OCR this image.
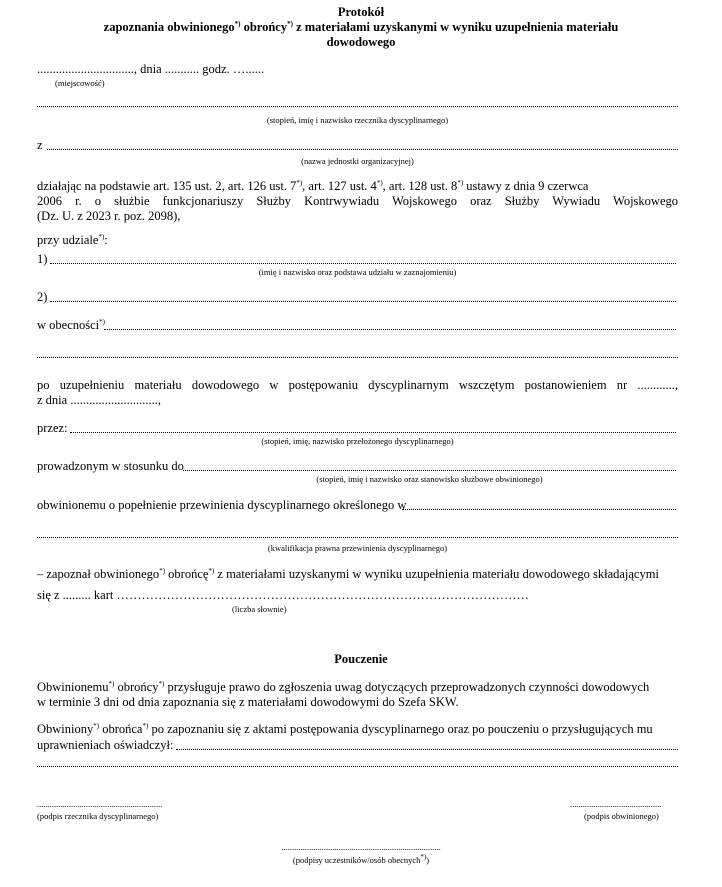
Protokół
zapoznania obwinionego*) obrońcy*) z materiałami uzyskanymi w wyniku uzupełnienia materiału
dowodowego
..............................., dnia ........... godz. …......
(miejscowość)
(stopień, imię i nazwisko rzecznika dyscyplinarnego)
z
(nazwa jednostki organizacyjnej)
działając na podstawie art. 135 ust. 2, art. 126 ust. 7*), art. 127 ust. 4*), art. 128 ust. 8*) ustawy z dnia 9 czerwca
2006 r. o służbie funkcjonariuszy Służby Kontrwywiadu Wojskowego oraz Służby Wywiadu Wojskowego
(Dz. U. z 2023 r. poz. 2098),
przy udziale*):
1)
(imię i nazwisko oraz podstawa udziału w zaznajomieniu)
2)
w obecności*)
po uzupełnieniu materiału dowodowego w postępowaniu dyscyplinarnym wszczętym postanowieniem nr ............,
z dnia ............................,
przez:
(stopień, imię, nazwisko przełożonego dyscyplinarnego)
prowadzonym w stosunku do
(stopień, imię i nazwisko oraz stanowisko służbowe obwinionego)
obwinionemu o popełnienie przewinienia dyscyplinarnego określonego w
(kwalifikacja prawna przewinienia dyscyplinarnego)
– zapoznał obwinionego*) obrońcę*) z materiałami uzyskanymi w wyniku uzupełnienia materiału dowodowego składającymi
się z ......... kart ………………………………………………………………………………………
(liczba słownie)
Pouczenie
Obwinionemu*) obrońcy*) przysługuje prawo do zgłoszenia uwag dotyczących przeprowadzonych czynności dowodowych
w terminie 3 dni od dnia zapoznania się z materiałami dowodowymi do Szefa SKW.
Obwiniony*) obrońca*) po zapoznaniu się z aktami postępowania dyscyplinarnego oraz po pouczeniu o przysługujących mu
uprawnieniach oświadczył:
...........................................................
(podpis rzecznika dyscyplinarnego)
...........................................
(podpis obwinionego)
...........................................................................
(podpisy uczestników/osób obecnych*))
